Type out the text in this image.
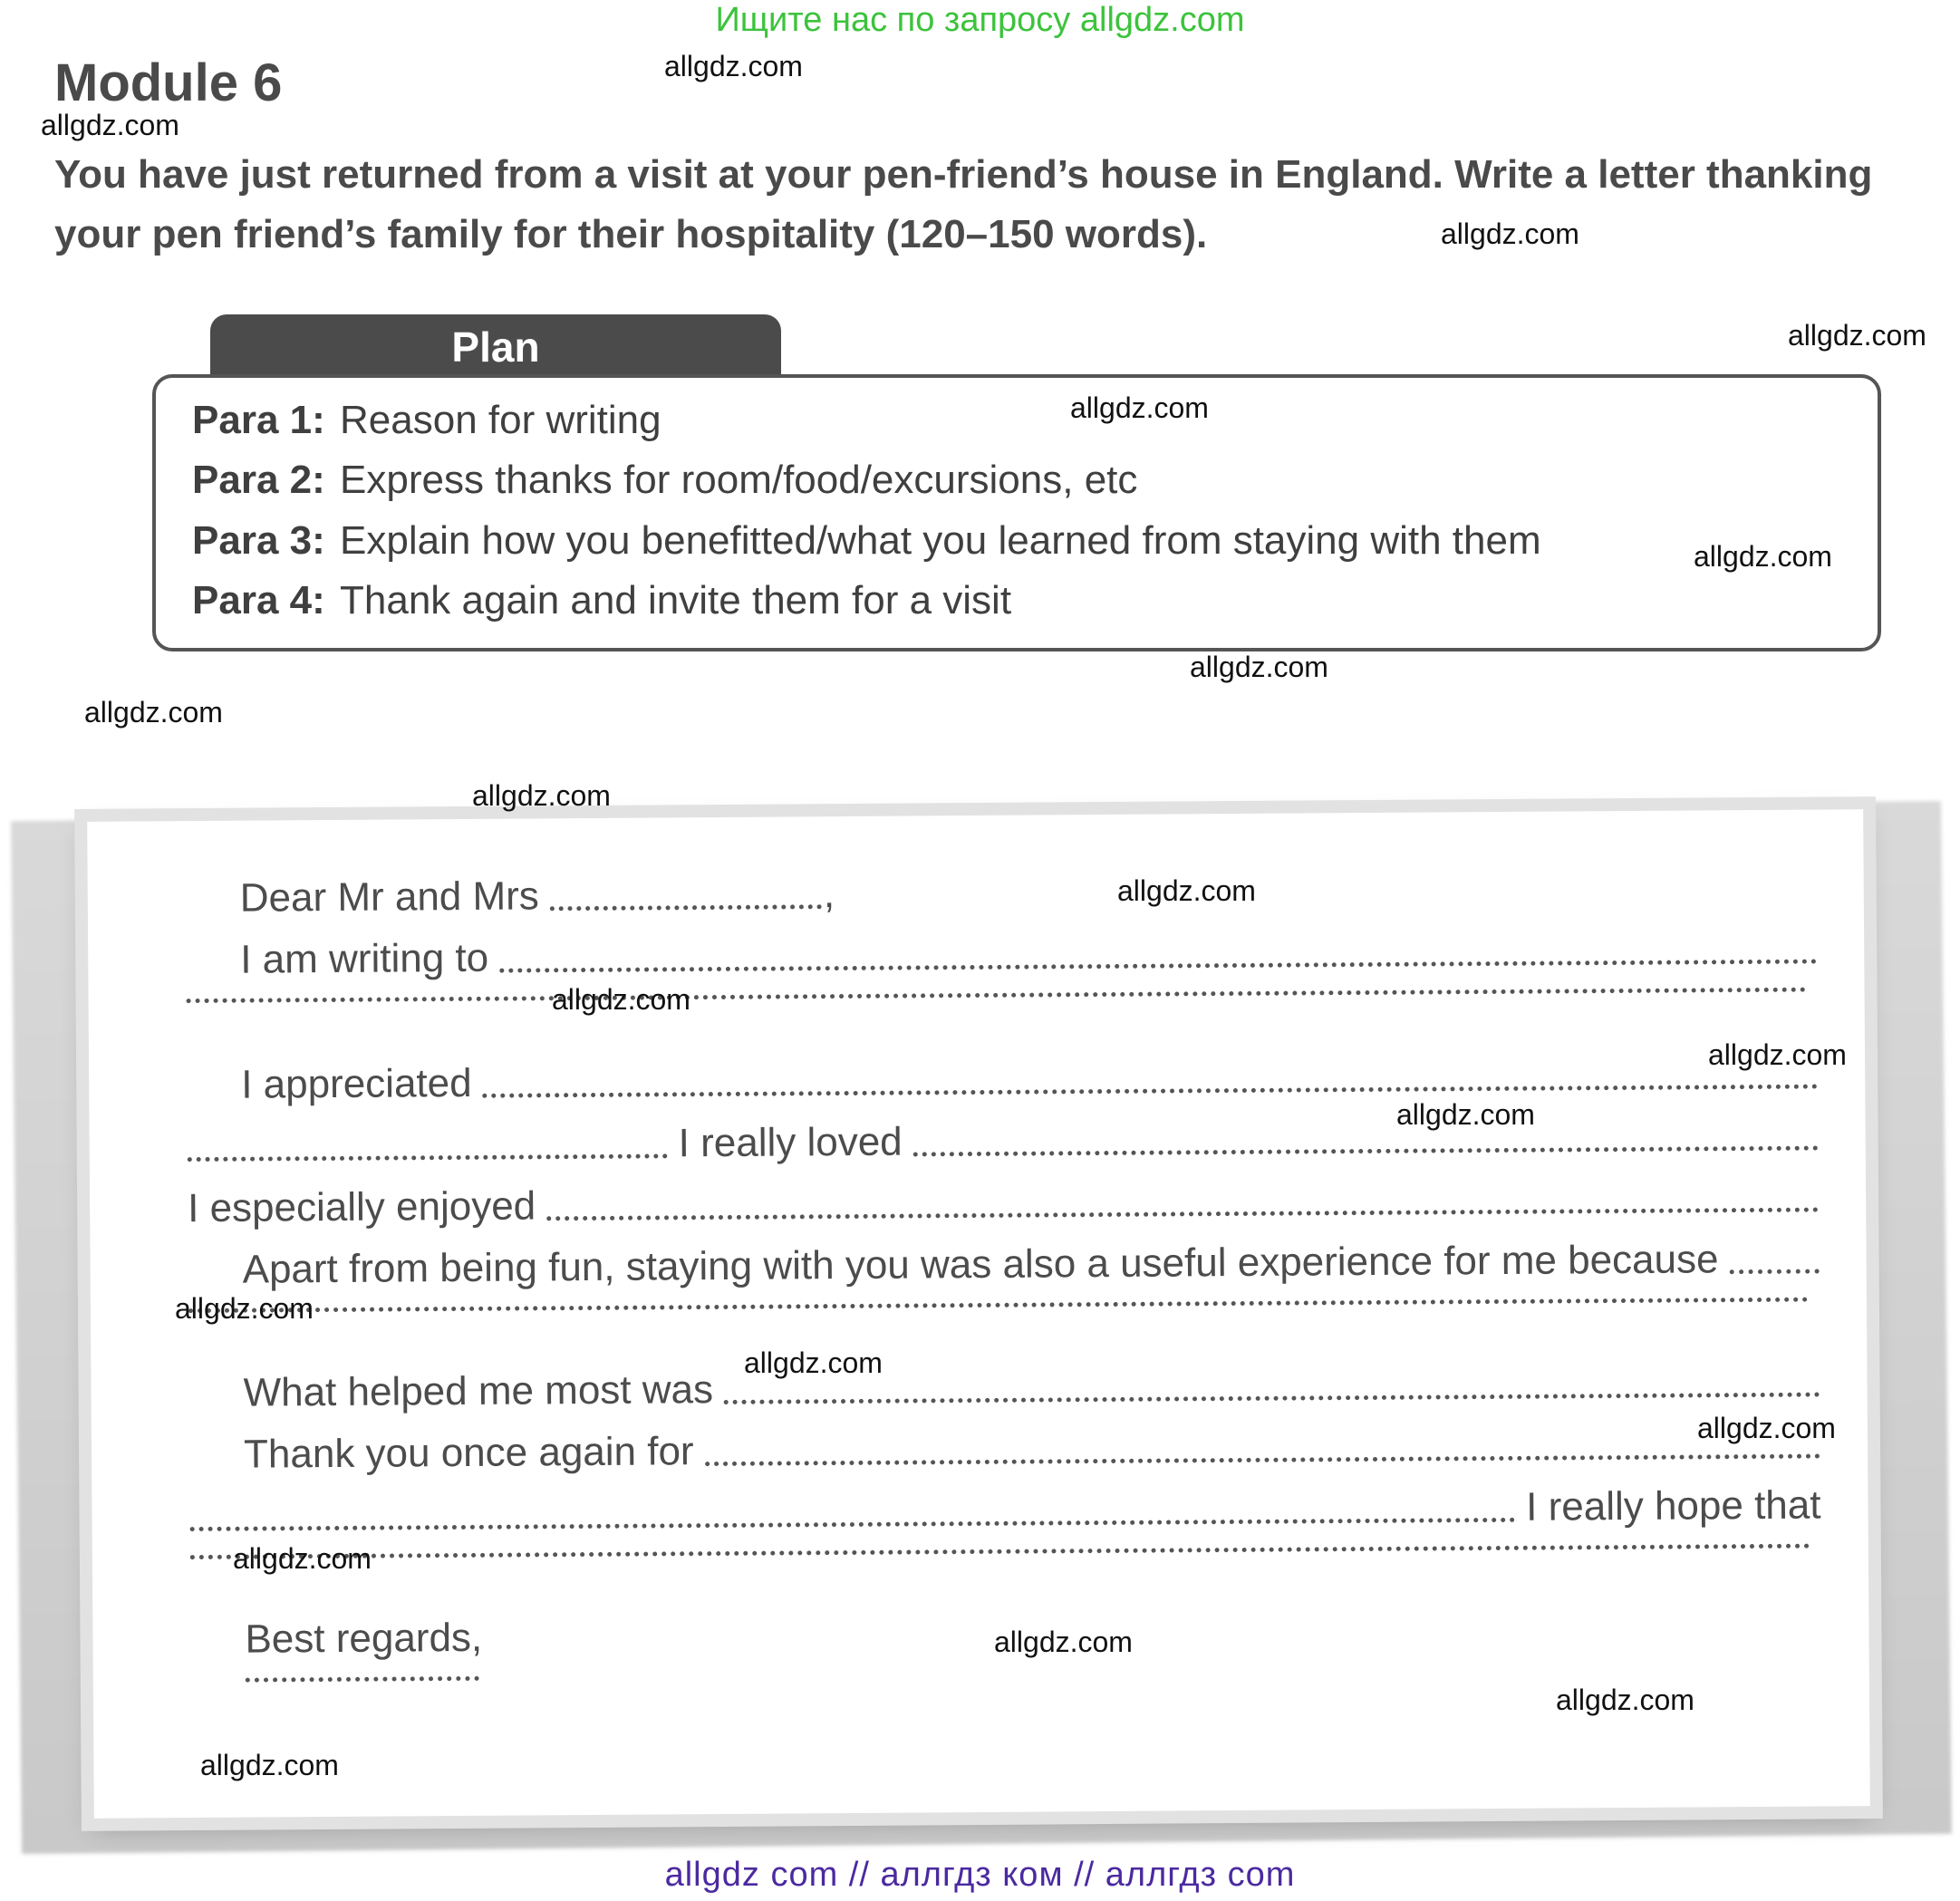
Ищите нас по запросу allgdz.com
Module 6
You have just returned from a visit at your pen-friend’s house in England. Write a letter thanking your pen friend’s family for their hospitality (120–150 words).
Plan
Para 1: Reason for writing
Para 2: Express thanks for room/food/excursions, etc
Para 3: Explain how you benefitted/what you learned from staying with them
Para 4: Thank again and invite them for a visit
Dear Mr and Mrs	,
I am writing to
I appreciated
I really loved
I especially enjoyed
Apart from being fun, staying with you was also a useful experience for me because
What helped me most was
Thank you once again for
I really hope that
Best regards,
allgdz.com
allgdz.com
allgdz.com
allgdz.com
allgdz.com
allgdz.com
allgdz.com
allgdz.com
allgdz.com
allgdz.com
allgdz.com
allgdz.com
allgdz.com
allgdz.com
allgdz.com
allgdz.com
allgdz.com
allgdz.com
allgdz.com
allgdz.com
allgdz com // аллгдз ком // аллгдз com
